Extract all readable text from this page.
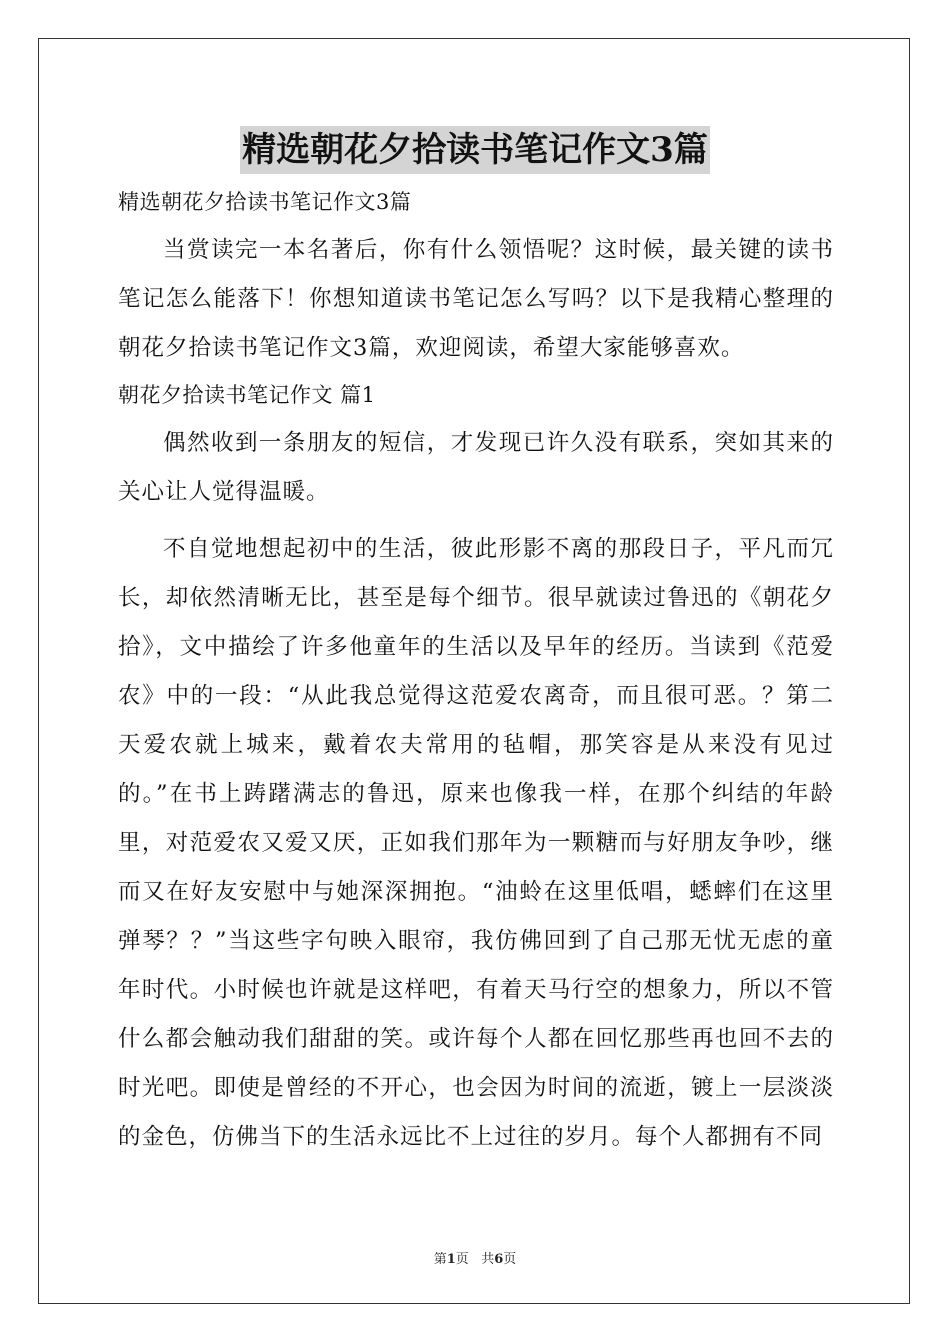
精选朝花夕拾读书笔记作文3篇

精选朝花夕拾读书笔记作文3篇

当赏读完一本名著后，你有什么领悟呢？这时候，最关键的读书笔记怎么能落下！你想知道读书笔记怎么写吗？以下是我精心整理的朝花夕拾读书笔记作文3篇，欢迎阅读，希望大家能够喜欢。

朝花夕拾读书笔记作文 篇1

偶然收到一条朋友的短信，才发现已许久没有联系，突如其来的关心让人觉得温暖。

不自觉地想起初中的生活，彼此形影不离的那段日子，平凡而冗长，却依然清晰无比，甚至是每个细节。很早就读过鲁迅的《朝花夕拾》，文中描绘了许多他童年的生活以及早年的经历。当读到《范爱农》中的一段：“从此我总觉得这范爱农离奇，而且很可恶。？第二天爱农就上城来，戴着农夫常用的毡帽，那笑容是从来没有见过的。”在书上踌躇满志的鲁迅，原来也像我一样，在那个纠结的年龄里，对范爱农又爱又厌，正如我们那年为一颗糖而与好朋友争吵，继而又在好友安慰中与她深深拥抱。“油蛉在这里低唱，蟋蟀们在这里弹琴？？”当这些字句映入眼帘，我仿佛回到了自己那无忧无虑的童年时代。小时候也许就是这样吧，有着天马行空的想象力，所以不管什么都会触动我们甜甜的笑。或许每个人都在回忆那些再也回不去的时光吧。即使是曾经的不开心，也会因为时间的流逝，镀上一层淡淡的金色，仿佛当下的生活永远比不上过往的岁月。每个人都拥有不同

第1页 共6页
